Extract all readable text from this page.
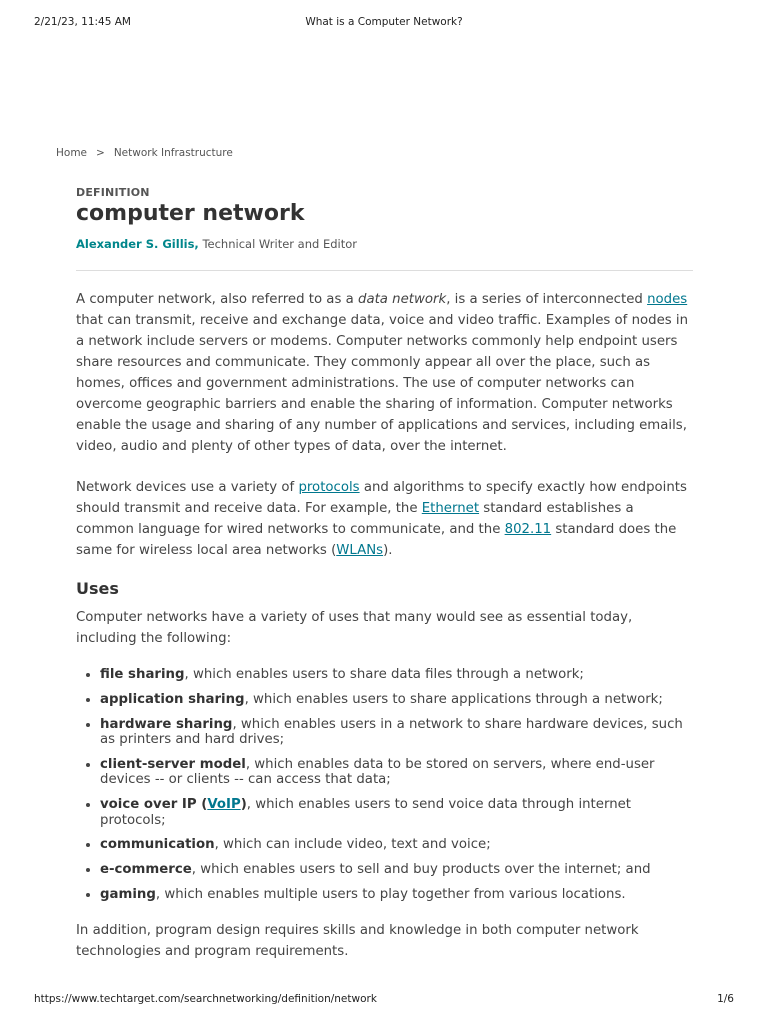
2/21/23, 11:45 AM	What is a Computer Network?
Home > Network Infrastructure
DEFINITION
computer network
Alexander S. Gillis, Technical Writer and Editor

A computer network, also referred to as a data network, is a series of interconnected nodes that can transmit, receive and exchange data, voice and video traffic. Examples of nodes in a network include servers or modems. Computer networks commonly help endpoint users share resources and communicate. They commonly appear all over the place, such as homes, offices and government administrations. The use of computer networks can overcome geographic barriers and enable the sharing of information. Computer networks enable the usage and sharing of any number of applications and services, including emails, video, audio and plenty of other types of data, over the internet.

Network devices use a variety of protocols and algorithms to specify exactly how endpoints should transmit and receive data. For example, the Ethernet standard establishes a common language for wired networks to communicate, and the 802.11 standard does the same for wireless local area networks (WLANs).

Uses

Computer networks have a variety of uses that many would see as essential today, including the following:

• file sharing, which enables users to share data files through a network;
• application sharing, which enables users to share applications through a network;
• hardware sharing, which enables users in a network to share hardware devices, such as printers and hard drives;
• client-server model, which enables data to be stored on servers, where end-user devices -- or clients -- can access that data;
• voice over IP (VoIP), which enables users to send voice data through internet protocols;
• communication, which can include video, text and voice;
• e-commerce, which enables users to sell and buy products over the internet; and
• gaming, which enables multiple users to play together from various locations.

In addition, program design requires skills and knowledge in both computer network technologies and program requirements.

https://www.techtarget.com/searchnetworking/definition/network	1/6
